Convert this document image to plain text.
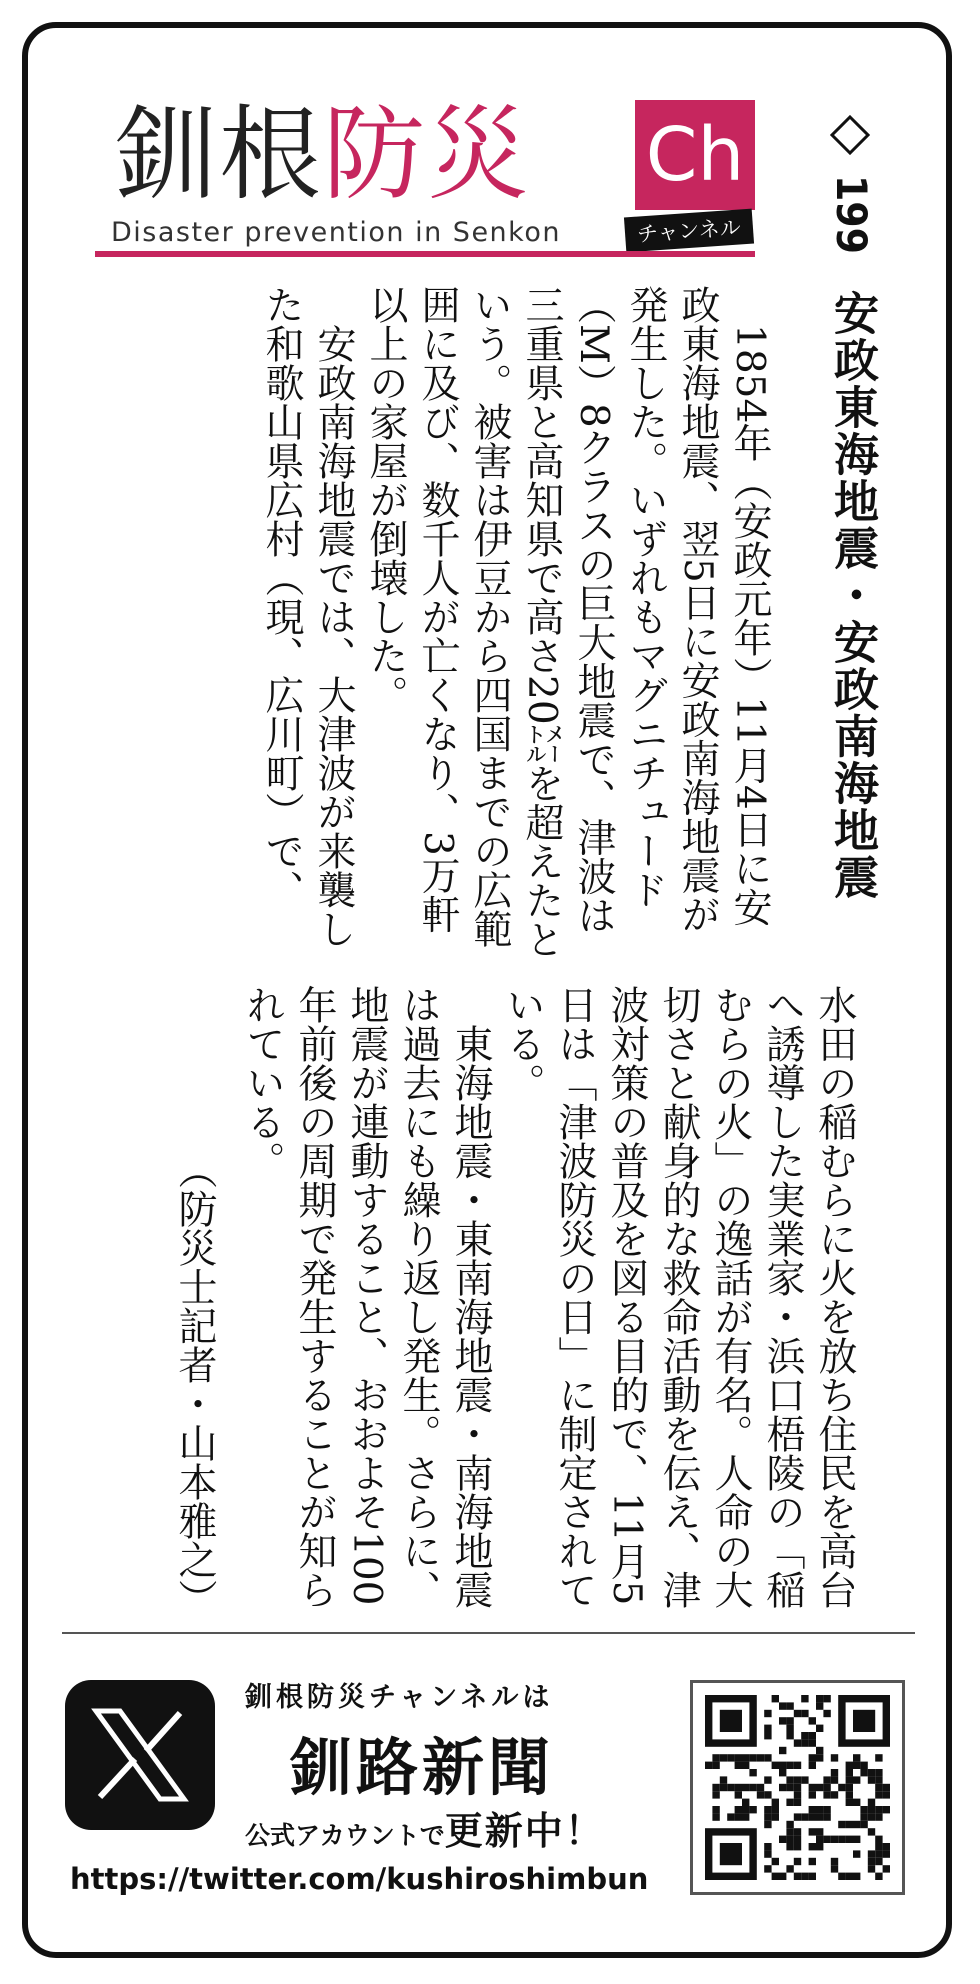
釧根防災 Ch
チャンネル
Disaster prevention in Senkon	199
安政東海地震・安政南海地震

1854年（安政元年）11月4日に安政東海地震、翌5日に安政南海地震が発生した。いずれもマグニチュード（M）8クラスの巨大地震で、津波は三重県と高知県で高さ20㍍を超えたという。被害は伊豆から四国までの広範囲に及び、数千人が亡くなり、3万軒以上の家屋が倒壊した。

安政南海地震では、大津波が来襲した和歌山県広村（現、広川町）で、

水田の稲むらに火を放ち住民を高台へ誘導した実業家・浜口梧陵の「稲むらの火」の逸話が有名。人命の大切さと献身的な救命活動を伝え、津波対策の普及を図る目的で、11月5日は「津波防災の日」に制定されている。

東海地震・東南海地震・南海地震は過去にも繰り返し発生。さらに、地震が連動すること、おおよそ100年前後の周期で発生することが知られている。

（防災士記者・山本雅之）
釧根防災チャンネルは
釧路新聞
公式アカウントで更新中！
https://twitter.com/kushiroshimbun
